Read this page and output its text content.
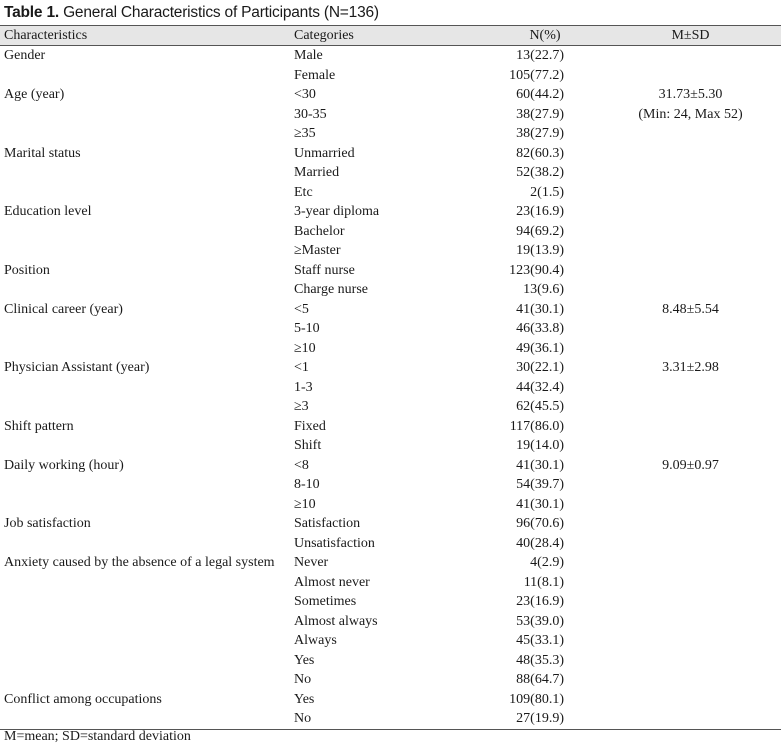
Table 1. General Characteristics of Participants (N=136)
Characteristics	Categories	N(%)	M±SD
Gender	Male	13(22.7)	
	Female	105(77.2)	
Age (year)	<30	60(44.2)	31.73±5.30
	30-35	38(27.9)	(Min: 24, Max 52)
	≥35	38(27.9)	
Marital status	Unmarried	82(60.3)	
	Married	52(38.2)	
	Etc	2(1.5)	
Education level	3-year diploma	23(16.9)	
	Bachelor	94(69.2)	
	≥Master	19(13.9)	
Position	Staff nurse	123(90.4)	
	Charge nurse	13(9.6)	
Clinical career (year)	<5	41(30.1)	8.48±5.54
	5-10	46(33.8)	
	≥10	49(36.1)	
Physician Assistant (year)	<1	30(22.1)	3.31±2.98
	1-3	44(32.4)	
	≥3	62(45.5)	
Shift pattern	Fixed	117(86.0)	
	Shift	19(14.0)	
Daily working (hour)	<8	41(30.1)	9.09±0.97
	8-10	54(39.7)	
	≥10	41(30.1)	
Job satisfaction	Satisfaction	96(70.6)	
	Unsatisfaction	40(28.4)	
Anxiety caused by the absence of a legal system	Never	4(2.9)	
	Almost never	11(8.1)	
	Sometimes	23(16.9)	
	Almost always	53(39.0)	
	Always	45(33.1)	
	Yes	48(35.3)	
	No	88(64.7)	
Conflict among occupations	Yes	109(80.1)	
	No	27(19.9)	
M=mean; SD=standard deviation
